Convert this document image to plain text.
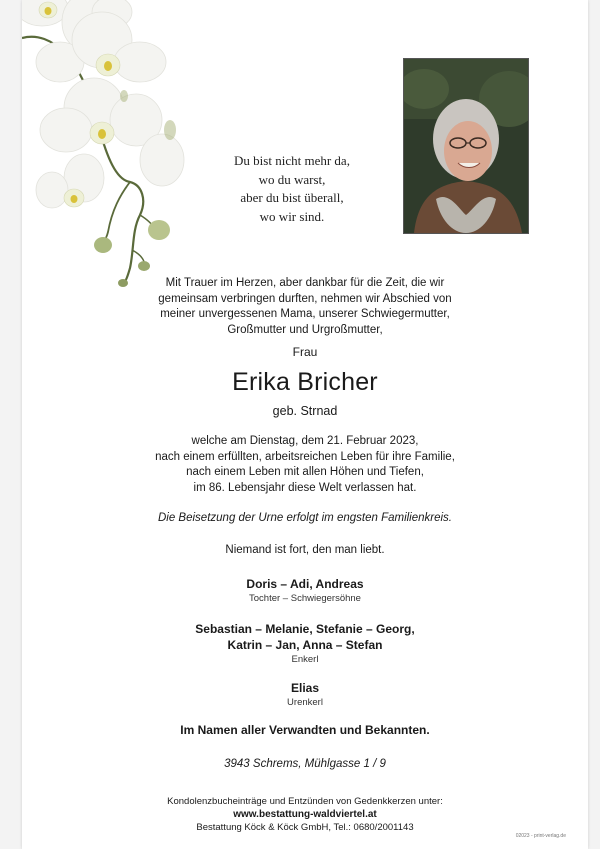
Du bist nicht mehr da,
wo du warst,
aber du bist überall,
wo wir sind.
Mit Trauer im Herzen, aber dankbar für die Zeit, die wir
gemeinsam verbringen durften, nehmen wir Abschied von
meiner unvergessenen Mama, unserer Schwiegermutter,
Großmutter und Urgroßmutter,
Frau
Erika Bricher
geb. Strnad
welche am Dienstag, dem 21. Februar 2023,
nach einem erfüllten, arbeitsreichen Leben für ihre Familie,
nach einem Leben mit allen Höhen und Tiefen,
im 86. Lebensjahr diese Welt verlassen hat.
Die Beisetzung der Urne erfolgt im engsten Familienkreis.
Niemand ist fort, den man liebt.
Doris – Adi, Andreas
Tochter – Schwiegersöhne
Sebastian – Melanie, Stefanie – Georg,
Katrin – Jan, Anna – Stefan
Enkerl
Elias
Urenkerl
Im Namen aller Verwandten und Bekannten.
3943 Schrems, Mühlgasse 1 / 9
Kondolenzbucheinträge und Entzünden von Gedenkkerzen unter:
www.bestattung-waldviertel.at
Bestattung Köck & Köck GmbH, Tel.: 0680/2001143
02023 - print-verlag.de
